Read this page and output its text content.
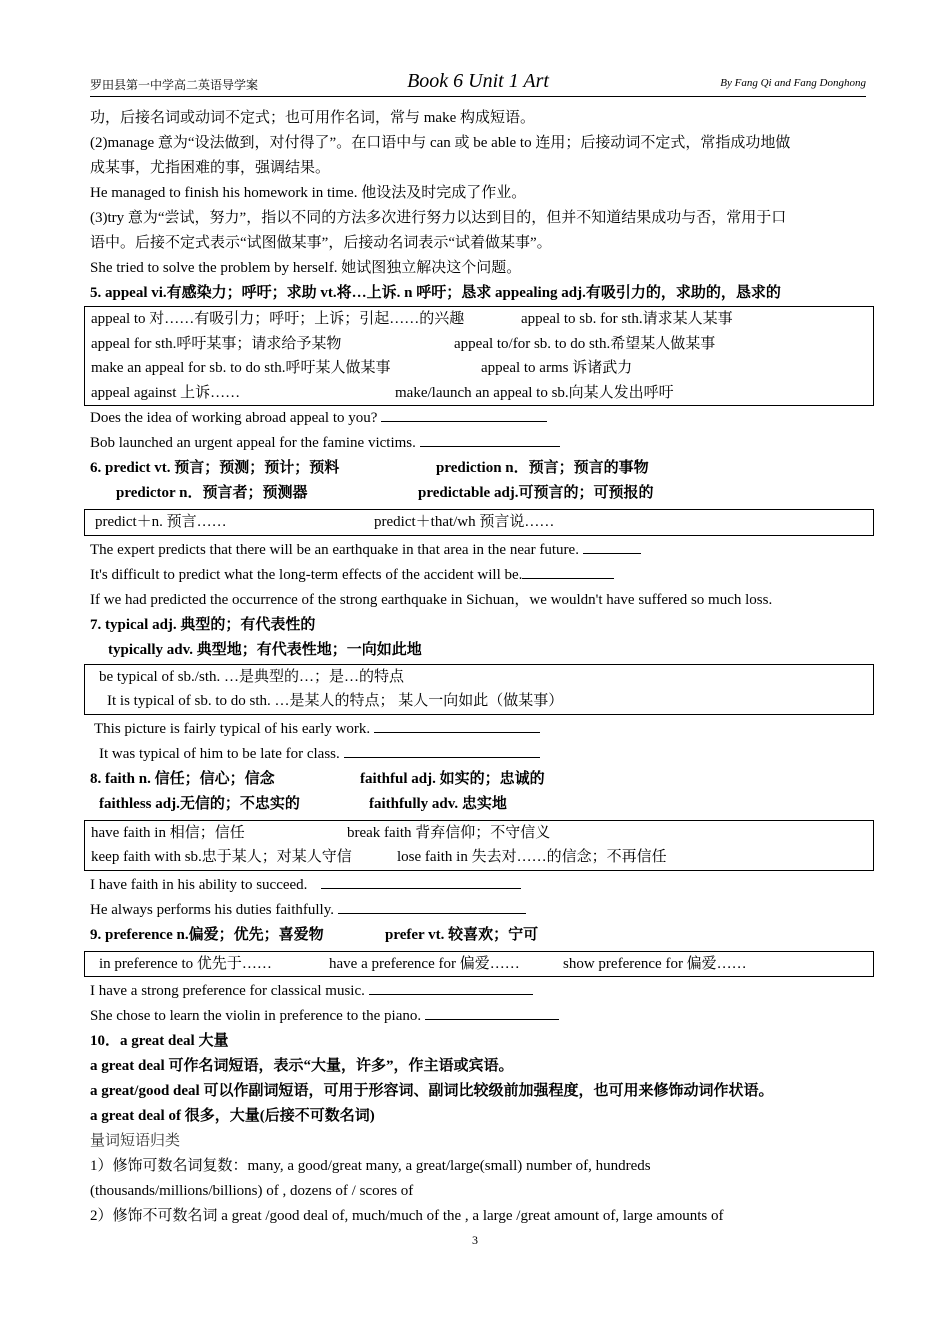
罗田县第一中学高二英语导学案	Book 6 Unit 1 Art	By Fang Qi and Fang Donghong
功，后接名词或动词不定式；也可用作名词，常与 make 构成短语。
(2)manage 意为“设法做到，对付得了”。在口语中与 can 或 be able to 连用；后接动词不定式，常指成功地做
成某事，尤指困难的事，强调结果。
He managed to finish his homework in time. 他设法及时完成了作业。
(3)try 意为“尝试，努力”，指以不同的方法多次进行努力以达到目的，但并不知道结果成功与否，常用于口
语中。后接不定式表示“试图做某事”，后接动名词表示“试着做某事”。
She tried to solve the problem by herself. 她试图独立解决这个问题。
5. appeal vi.有感染力；呼吁；求助 vt.将…上诉. n 呼吁；恳求 appealing adj.有吸引力的，求助的，恳求的
appeal to 对……有吸引力；呼吁；上诉；引起……的兴趣	appeal to sb. for sth.请求某人某事
appeal for sth.呼吁某事；请求给予某物	appeal to/for sb. to do sth.希望某人做某事
make an appeal for sb. to do sth.呼吁某人做某事	appeal to arms 诉诸武力
appeal against 上诉……	make/launch an appeal to sb.向某人发出呼吁
Does the idea of working abroad appeal to you?
Bob launched an urgent appeal for the famine victims.
6. predict vt. 预言；预测；预计；预料	prediction n．预言；预言的事物
predictor n．预言者；预测器	predictable adj.可预言的；可预报的
predict＋n. 预言……	predict＋that/wh 预言说……
The expert predicts that there will be an earthquake in that area in the near future.
It's difficult to predict what the long-term effects of the accident will be.
If we had predicted the occurrence of the strong earthquake in Sichuan，we wouldn't have suffered so much loss.
7. typical adj. 典型的；有代表性的
typically adv. 典型地；有代表性地；一向如此地
be typical of sb./sth. …是典型的…；是…的特点
It is typical of sb. to do sth. …是某人的特点； 某人一向如此（做某事）
This picture is fairly typical of his early work.
It was typical of him to be late for class.
8. faith n. 信任；信心；信念	faithful adj. 如实的；忠诚的
faithless adj.无信的；不忠实的	faithfully adv. 忠实地
have faith in 相信；信任	break faith 背弃信仰；不守信义
keep faith with sb.忠于某人；对某人守信	lose faith in 失去对……的信念；不再信任
I have faith in his ability to succeed.
He always performs his duties faithfully.
9. preference n.偏爱；优先；喜爱物	prefer vt. 较喜欢；宁可
in preference to 优先于……	have a preference for 偏爱……	show preference for 偏爱……
I have a strong preference for classical music.
She chose to learn the violin in preference to the piano.
10．a great deal 大量
a great deal 可作名词短语，表示“大量，许多”，作主语或宾语。
a great/good deal 可以作副词短语，可用于形容词、副词比较级前加强程度，也可用来修饰动词作状语。
a great deal of 很多，大量(后接不可数名词)
量词短语归类
1）修饰可数名词复数：many, a good/great many, a great/large(small) number of, hundreds
(thousands/millions/billions) of , dozens of / scores of
2）修饰不可数名词 a great /good deal of, much/much of the , a large /great amount of, large amounts of
3
